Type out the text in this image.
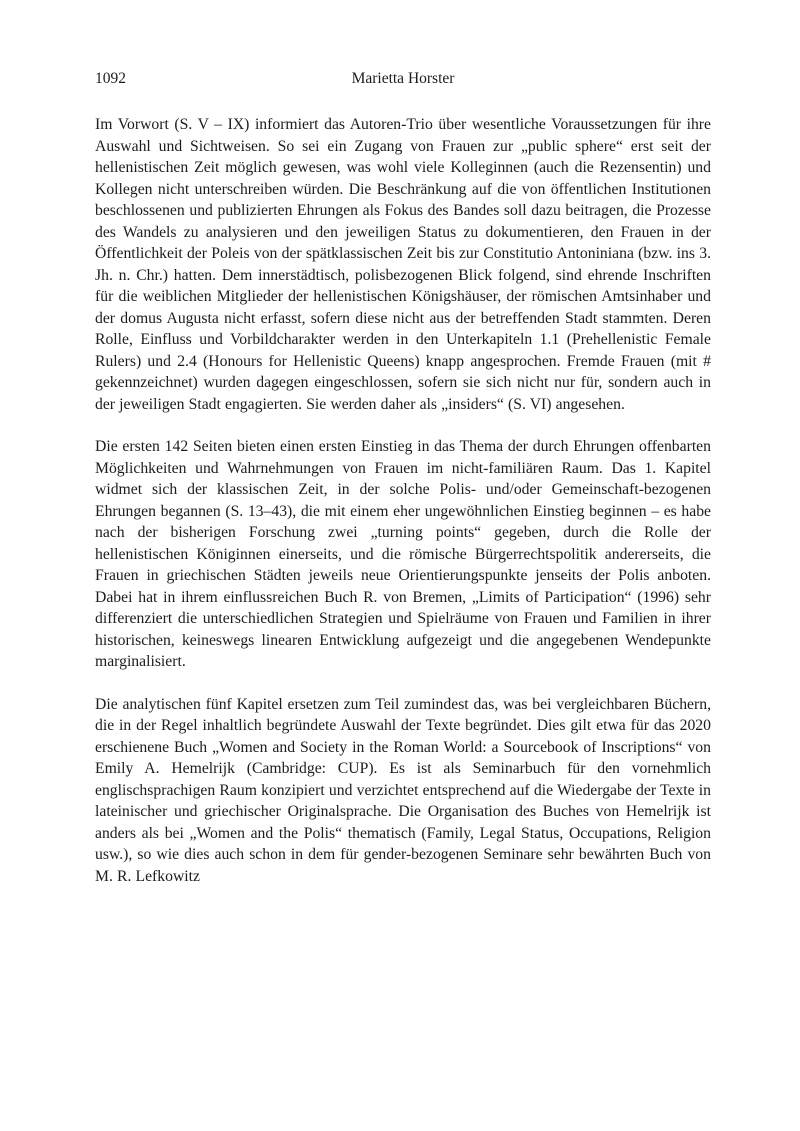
1092	Marietta Horster

Im Vorwort (S. V – IX) informiert das Autoren-Trio über wesentliche Voraussetzungen für ihre Auswahl und Sichtweisen. So sei ein Zugang von Frauen zur „public sphere“ erst seit der hellenistischen Zeit möglich gewesen, was wohl viele Kolleginnen (auch die Rezensentin) und Kollegen nicht unterschreiben würden. Die Beschränkung auf die von öffentlichen Institutionen beschlossenen und publizierten Ehrungen als Fokus des Bandes soll dazu beitragen, die Prozesse des Wandels zu analysieren und den jeweiligen Status zu dokumentieren, den Frauen in der Öffentlichkeit der Poleis von der spätklassischen Zeit bis zur Constitutio Antoniniana (bzw. ins 3. Jh. n. Chr.) hatten. Dem innerstädtisch, polisbezogenen Blick folgend, sind ehrende Inschriften für die weiblichen Mitglieder der hellenistischen Königshäuser, der römischen Amtsinhaber und der domus Augusta nicht erfasst, sofern diese nicht aus der betreffenden Stadt stammten. Deren Rolle, Einfluss und Vorbildcharakter werden in den Unterkapiteln 1.1 (Prehellenistic Female Rulers) und 2.4 (Honours for Hellenistic Queens) knapp angesprochen. Fremde Frauen (mit # gekennzeichnet) wurden dagegen eingeschlossen, sofern sie sich nicht nur für, sondern auch in der jeweiligen Stadt engagierten. Sie werden daher als „insiders“ (S. VI) angesehen.

Die ersten 142 Seiten bieten einen ersten Einstieg in das Thema der durch Ehrungen offenbarten Möglichkeiten und Wahrnehmungen von Frauen im nicht-familiären Raum. Das 1. Kapitel widmet sich der klassischen Zeit, in der solche Polis- und/oder Gemeinschaft-bezogenen Ehrungen begannen (S. 13–43), die mit einem eher ungewöhnlichen Einstieg beginnen – es habe nach der bisherigen Forschung zwei „turning points“ gegeben, durch die Rolle der hellenistischen Königinnen einerseits, und die römische Bürgerrechtspolitik andererseits, die Frauen in griechischen Städten jeweils neue Orientierungspunkte jenseits der Polis anboten. Dabei hat in ihrem einflussreichen Buch R. von Bremen, „Limits of Participation“ (1996) sehr differenziert die unterschiedlichen Strategien und Spielräume von Frauen und Familien in ihrer historischen, keineswegs linearen Entwicklung aufgezeigt und die angegebenen Wendepunkte marginalisiert.

Die analytischen fünf Kapitel ersetzen zum Teil zumindest das, was bei vergleichbaren Büchern, die in der Regel inhaltlich begründete Auswahl der Texte begründet. Dies gilt etwa für das 2020 erschienene Buch „Women and Society in the Roman World: a Sourcebook of Inscriptions“ von Emily A. Hemelrijk (Cambridge: CUP). Es ist als Seminarbuch für den vornehmlich englischsprachigen Raum konzipiert und verzichtet entsprechend auf die Wiedergabe der Texte in lateinischer und griechischer Originalsprache. Die Organisation des Buches von Hemelrijk ist anders als bei „Women and the Polis“ thematisch (Family, Legal Status, Occupations, Religion usw.), so wie dies auch schon in dem für gender-bezogenen Seminare sehr bewährten Buch von M. R. Lefkowitz
